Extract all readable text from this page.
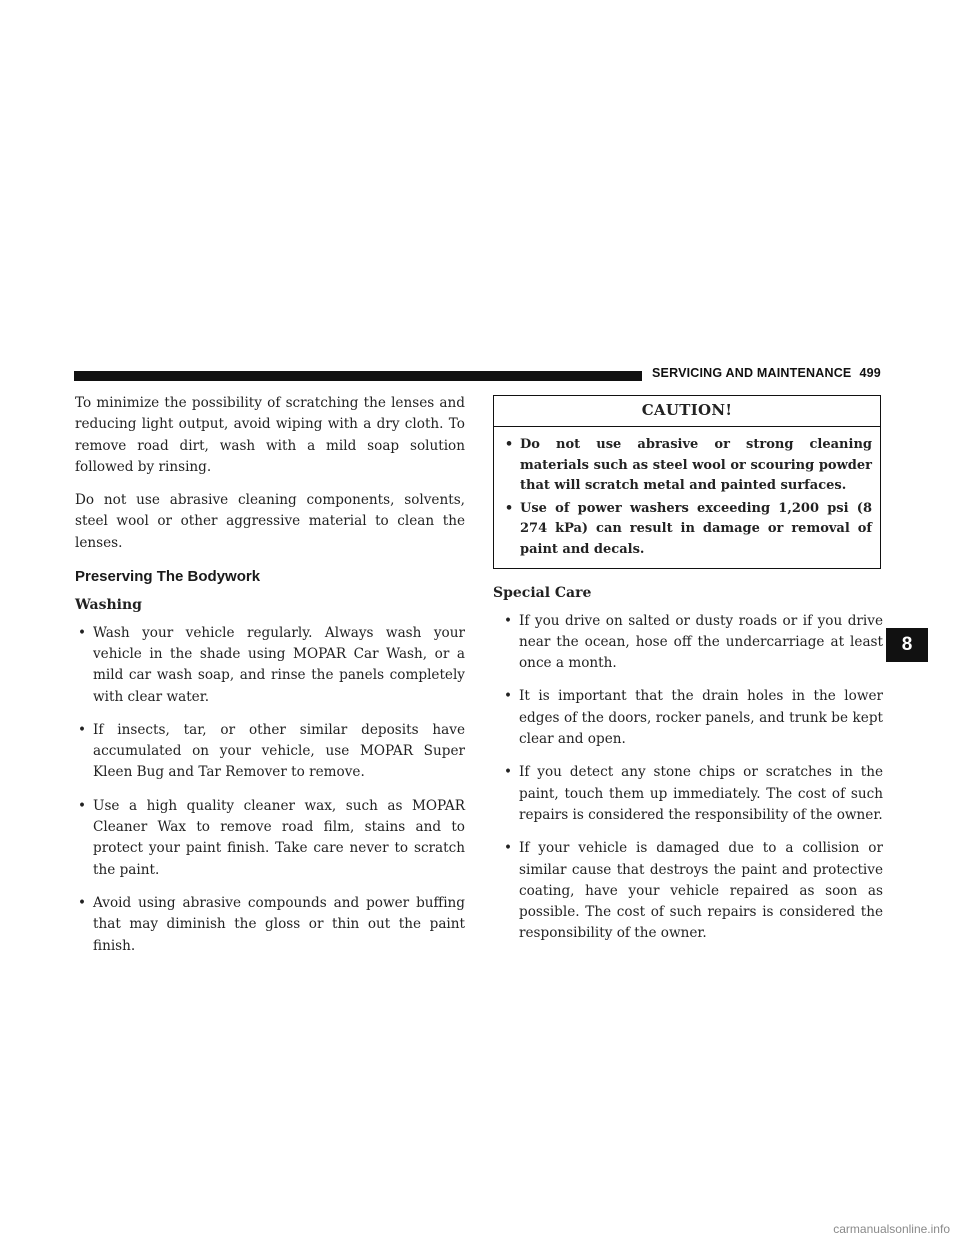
SERVICING AND MAINTENANCE 499

To minimize the possibility of scratching the lenses and reducing light output, avoid wiping with a dry cloth. To remove road dirt, wash with a mild soap solution followed by rinsing.

Do not use abrasive cleaning components, solvents, steel wool or other aggressive material to clean the lenses.

Preserving The Bodywork
Washing
• Wash your vehicle regularly. Always wash your vehicle in the shade using MOPAR Car Wash, or a mild car wash soap, and rinse the panels completely with clear water.
• If insects, tar, or other similar deposits have accumulated on your vehicle, use MOPAR Super Kleen Bug and Tar Remover to remove.
• Use a high quality cleaner wax, such as MOPAR Cleaner Wax to remove road film, stains and to protect your paint finish. Take care never to scratch the paint.
• Avoid using abrasive compounds and power buffing that may diminish the gloss or thin out the paint finish.
CAUTION!
• Do not use abrasive or strong cleaning materials such as steel wool or scouring powder that will scratch metal and painted surfaces.
• Use of power washers exceeding 1,200 psi (8 274 kPa) can result in damage or removal of paint and decals.
Special Care
• If you drive on salted or dusty roads or if you drive near the ocean, hose off the undercarriage at least once a month.
• It is important that the drain holes in the lower edges of the doors, rocker panels, and trunk be kept clear and open.
• If you detect any stone chips or scratches in the paint, touch them up immediately. The cost of such repairs is considered the responsibility of the owner.
• If your vehicle is damaged due to a collision or similar cause that destroys the paint and protective coating, have your vehicle repaired as soon as possible. The cost of such repairs is considered the responsibility of the owner.
8
carmanualsonline.info
